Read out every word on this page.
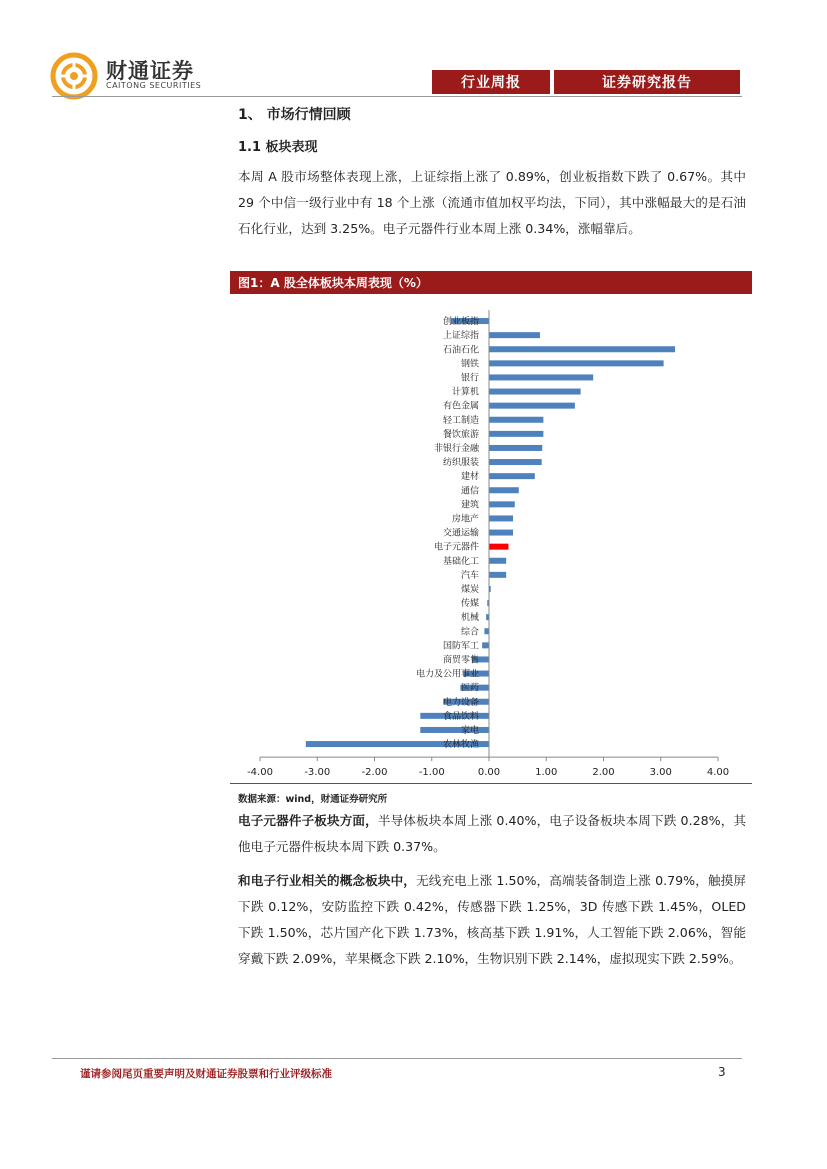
财通证券
CAITONG SECURITIES	行业周报	证券研究报告
1、 市场行情回顾
1.1 板块表现
本周 A 股市场整体表现上涨，上证综指上涨了 0.89%，创业板指数下跌了 0.67%。其中 29 个中信一级行业中有 18 个上涨（流通市值加权平均法，下同），其中涨幅最大的是石油石化行业，达到 3.25%。电子元器件行业本周上涨 0.34%，涨幅靠后。
图1：A 股全体板块本周表现（%）
创业板指
上证综指
石油石化
钢铁
银行
计算机
有色金属
轻工制造
餐饮旅游
非银行金融
纺织服装
建材
通信
建筑
房地产
交通运输
电子元器件
基础化工
汽车
煤炭
传媒
机械
综合
国防军工
商贸零售
电力及公用事业
医药
电力设备
食品饮料
家电
农林牧渔
-4.00	-3.00	-2.00	-1.00	0.00	1.00	2.00	3.00	4.00
数据来源：wind，财通证券研究所
电子元器件子板块方面，半导体板块本周上涨 0.40%，电子设备板块本周下跌 0.28%，其他电子元器件板块本周下跌 0.37%。
和电子行业相关的概念板块中，无线充电上涨 1.50%，高端装备制造上涨 0.79%，触摸屏下跌 0.12%，安防监控下跌 0.42%，传感器下跌 1.25%，3D 传感下跌 1.45%，OLED 下跌 1.50%，芯片国产化下跌 1.73%，核高基下跌 1.91%，人工智能下跌 2.06%，智能穿戴下跌 2.09%，苹果概念下跌 2.10%，生物识别下跌 2.14%，虚拟现实下跌 2.59%。
谨请参阅尾页重要声明及财通证券股票和行业评级标准	3
